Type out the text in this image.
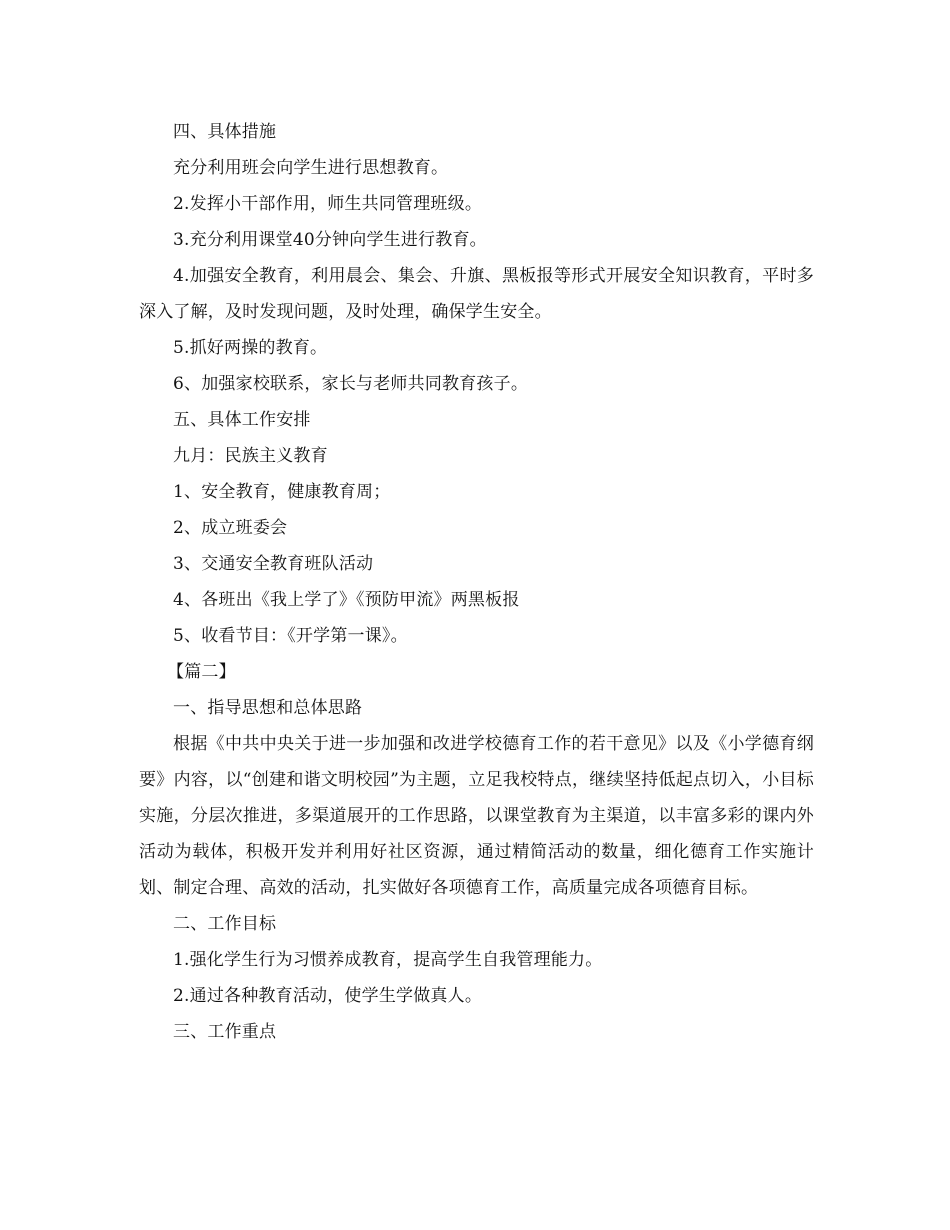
四、具体措施

充分利用班会向学生进行思想教育。

2.发挥小干部作用，师生共同管理班级。

3.充分利用课堂40分钟向学生进行教育。

4.加强安全教育，利用晨会、集会、升旗、黑板报等形式开展安全知识教育，平时多深入了解，及时发现问题，及时处理，确保学生安全。

5.抓好两操的教育。

6、加强家校联系，家长与老师共同教育孩子。

五、具体工作安排

九月：民族主义教育

1、安全教育，健康教育周；

2、成立班委会

3、交通安全教育班队活动

4、各班出《我上学了》《预防甲流》两黑板报

5、收看节目：《开学第一课》。

【篇二】

一、指导思想和总体思路

根据《中共中央关于进一步加强和改进学校德育工作的若干意见》以及《小学德育纲要》内容，以“创建和谐文明校园”为主题，立足我校特点，继续坚持低起点切入，小目标实施，分层次推进，多渠道展开的工作思路，以课堂教育为主渠道，以丰富多彩的课内外活动为载体，积极开发并利用好社区资源，通过精简活动的数量，细化德育工作实施计划、制定合理、高效的活动，扎实做好各项德育工作，高质量完成各项德育目标。

二、工作目标

1.强化学生行为习惯养成教育，提高学生自我管理能力。

2.通过各种教育活动，使学生学做真人。

三、工作重点
